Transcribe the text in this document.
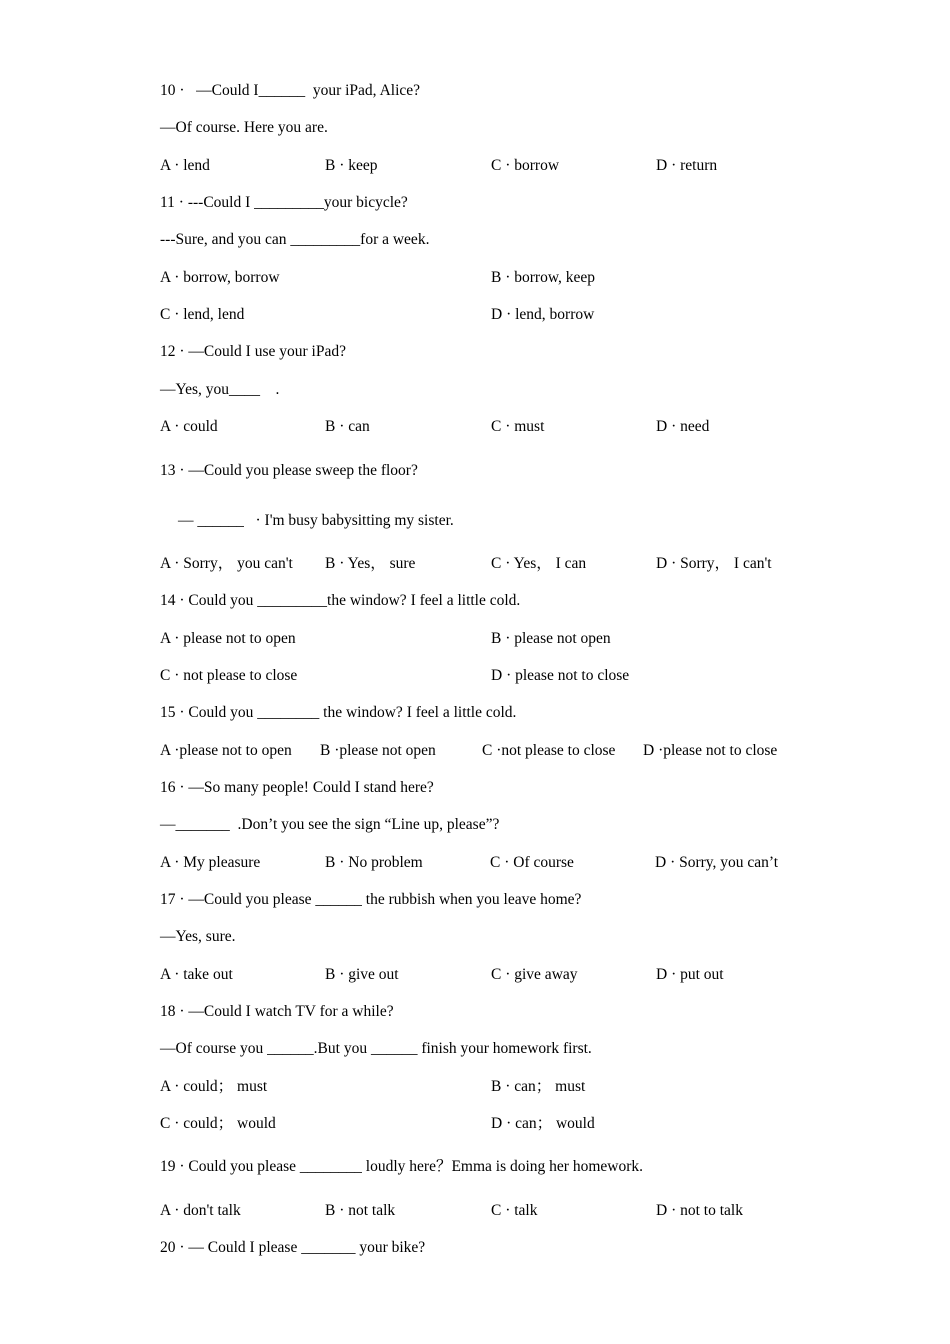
10 ·   —Could I______  your iPad, Alice?
—Of course. Here you are.
A · lend	B · keep	C · borrow	D · return
11 · ---Could I _________your bicycle?
---Sure, and you can _________for a week.
A · borrow, borrow	B · borrow, keep
C · lend, lend	D · lend, borrow
12 · —Could I use your iPad?
—Yes, you____    .
A · could	B · can	C · must	D · need
13 · —Could you please sweep the floor?
— ______   · I'm busy babysitting my sister.
A · Sorry， you can't B · Yes， sure	C · Yes， I can	D · Sorry， I can't
14 · Could you _________the window? I feel a little cold.
A · please not to open	B · please not open
C · not please to close	D · please not to close
15 · Could you ________ the window? I feel a little cold.
A ·please not to open B ·please not open	C ·not please to close D ·please not to close
16 · —So many people! Could I stand here?
—_______  .Don’t you see the sign “Line up, please”?
A · My pleasure	B · No problem	C · Of course	D · Sorry, you can’t
17 · —Could you please ______ the rubbish when you leave home?
—Yes, sure.
A · take out	B · give out	C · give away	D · put out
18 · —Could I watch TV for a while?
—Of course you ______.But you ______ finish your homework first.
A · could； must	B · can； must
C · could； would	D · can； would
19 · Could you please ________ loudly here？Emma is doing her homework.
A · don't talk	B · not talk	C · talk	D · not to talk
20 · — Could I please _______ your bike?
